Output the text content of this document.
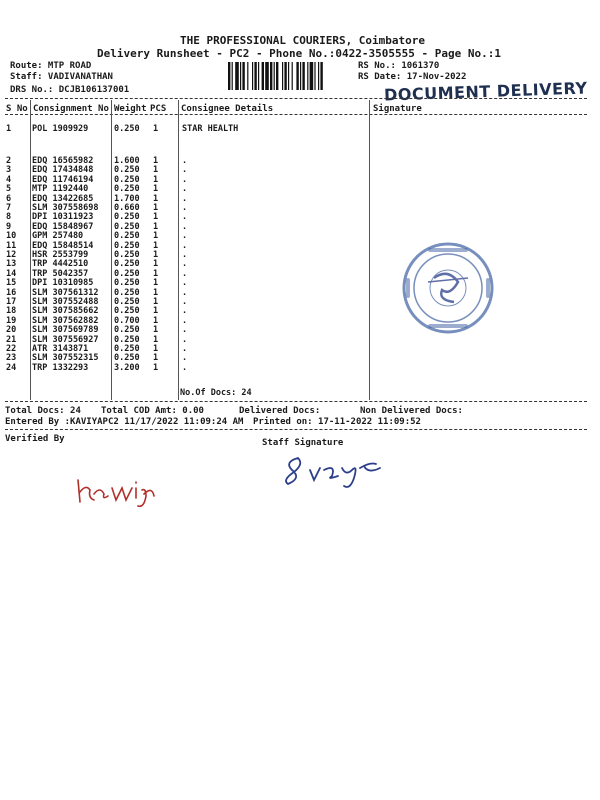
THE PROFESSIONAL COURIERS, Coimbatore
Delivery Runsheet - PC2 - Phone No.:0422-3505555 - Page No.:1
Route: MTP ROAD
Staff: VADIVANATHAN
DRS No.: DCJB106137001
RS No.: 1061370
RS Date: 17-Nov-2022
DOCUMENT DELIVERY
S No Consignment No Weight PCS Consignee Details	Signature
1 POL 1909929	0.250 1	STAR HEALTH
2 EDQ 16565982 1.600 1	.
3 EDQ 17434848 0.250 1	.
4 EDQ 11746194 0.250 1	.
5 MTP 1192440	0.250 1	.
6 EDQ 13422685 1.700 1	.
7 SLM 307558698 0.660 1	.
8 DPI 10311923 0.250 1	.
9 EDQ 15848967 0.250 1	.
10 GPM 257480	0.250 1	.
11 EDQ 15848514 0.250 1	.
12 HSR 2553799	0.250 1	.
13 TRP 4442510	0.250 1	.
14 TRP 5042357	0.250 1	.
15 DPI 10310985 0.250 1	.
16 SLM 307561312 0.250 1	.
17 SLM 307552488 0.250 1	.
18 SLM 307585662 0.250 1	.
19 SLM 307562882 0.700 1	.
20 SLM 307569789 0.250 1	.
21 SLM 307556927 0.250 1	.
22 ATR 3143871	0.250 1	.
23 SLM 307552315 0.250 1	.
24 TRP 1332293	3.200 1	.
No.Of Docs: 24
Total Docs: 24 Total COD Amt: 0.00	Delivered Docs:	Non Delivered Docs:
Entered By :KAVIYAPC2 11/17/2022 11:09:24 AM Printed on: 17-11-2022 11:09:52
Verified By	Staff Signature
